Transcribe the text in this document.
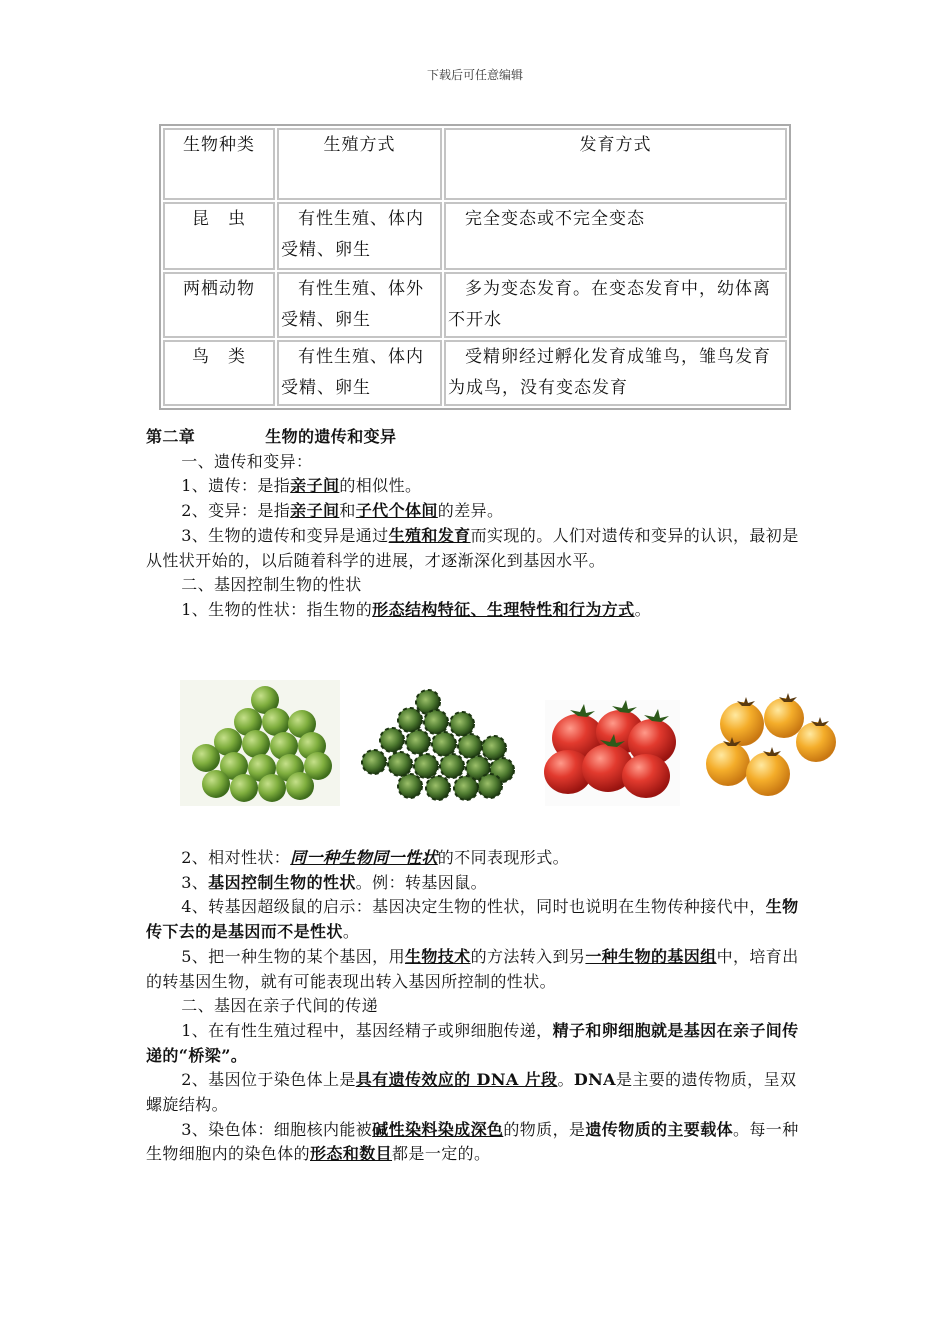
下载后可任意编辑
生物种类	生殖方式	发育方式
昆　虫	有性生殖、体内受精、卵生	完全变态或不完全变态
两栖动物	有性生殖、体外受精、卵生	多为变态发育。在变态发育中，幼体离不开水
鸟　类	有性生殖、体内受精、卵生	受精卵经过孵化发育成雏鸟，雏鸟发育为成鸟，没有变态发育

第二章	生物的遗传和变异

一、遗传和变异：

1、遗传：是指亲子间的相似性。

2、变异：是指亲子间和子代个体间的差异。

3、生物的遗传和变异是通过生殖和发育而实现的。人们对遗传和变异的认识，最初是从性状开始的，以后随着科学的进展，才逐渐深化到基因水平。

二、基因控制生物的性状

1、生物的性状：指生物的形态结构特征、生理特性和行为方式。

2、相对性状：同一种生物同一性状的不同表现形式。

3、基因控制生物的性状。例：转基因鼠。

4、转基因超级鼠的启示：基因决定生物的性状，同时也说明在生物传种接代中，生物传下去的是基因而不是性状。

5、把一种生物的某个基因，用生物技术的方法转入到另一种生物的基因组中，培育出的转基因生物，就有可能表现出转入基因所控制的性状。

二、基因在亲子代间的传递

1、在有性生殖过程中，基因经精子或卵细胞传递，精子和卵细胞就是基因在亲子间传递的“桥梁”。

2、基因位于染色体上是具有遗传效应的 DNA 片段。DNA是主要的遗传物质，呈双螺旋结构。

3、染色体：细胞核内能被碱性染料染成深色的物质，是遗传物质的主要载体。每一种生物细胞内的染色体的形态和数目都是一定的。
